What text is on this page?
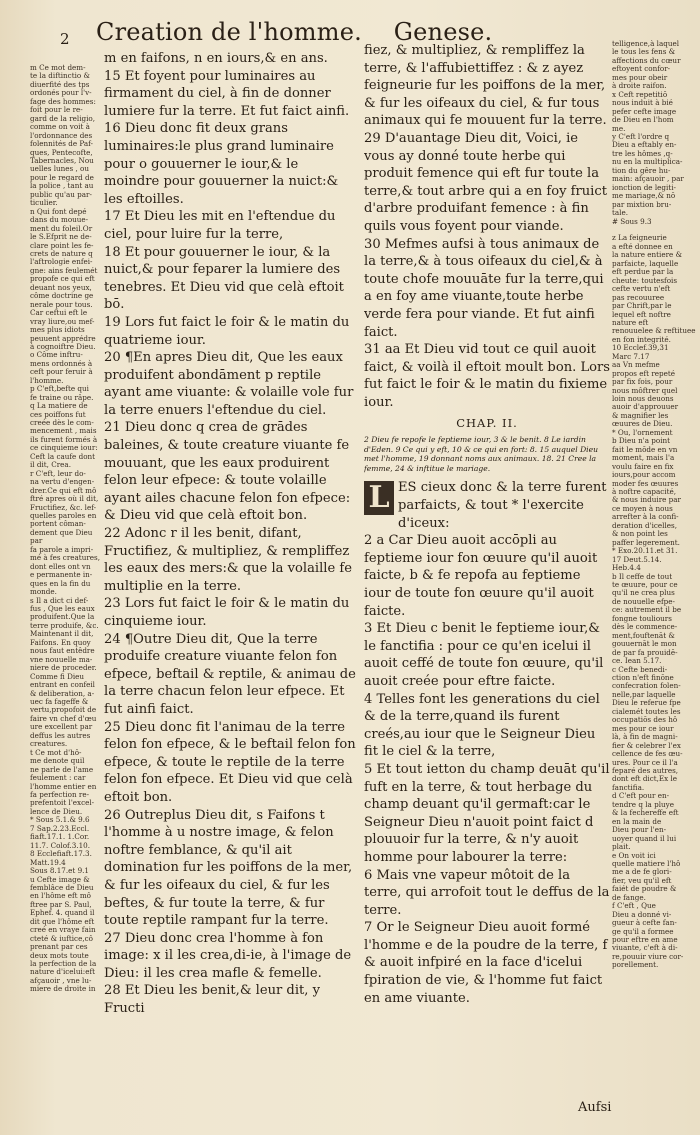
2 Creation de l'homme. Genese.
m Ce mot dem-
te la diftinctio &
diuerfité des tps
ordonés pour l'v-
fage des hommes:
foit pour le re-
gard de la religio,
comme on voit à
l'ordonnance des
folennités de Paf-
ques, Pentecofte,
Tabernacles, Nou
uelles lunes , ou
pour le regard de
la police , tant au
public qu'au par-
ticulier.
n Qui font depé
dans du mouue-
ment du foleil.Or
le S.Efprit ne de-
clare point les fe-
crets de nature q
l'aftrologie enfei-
gne: ains feulemét
propofe ce qui eft
deuant nos yeux,
côme doctrine ge
nerale pour tous.
Car ceftui eft le
vray liure,ou mef-
mes plus idiots
peuuent apprédre
à cognoiftre Dieu.
o Côme inftru-
mens ordonnés à
ceft pour feruir à
l'homme.
p C'eft,befte qui
fe traine ou râpe.
q La matiere de
ces poiffons fut
creée dès le com-
mencement , mais
ils furent formés à
ce cinquieme iour:
Ceft la caufe dont
il dit, Crea.
r C'eft, leur do-
na vertu d'engen-
drer.Ce qui eft mô
ftré apres où il dit,
Fructifiez, &c. lef-
quelles paroles en
portent côman-
dement que Dieu par
fa parole a impri-
mé à fes creatures,
dont elles ont vn
e permanente in-
ques en la fin du
monde.
s Il a dict ci def-
fus , Que les eaux
produifent.Que la
terre produife, &c.
Maintenant il dit,
Faifons. En quoy
nous faut entêdre
vne nouuelle ma-
niere de proceder.
Comme fi Dieu
entrant en confeil
& deliberation, a-
uec fa fageffe &
vertu,propofoit de
faire vn chef d'œu
ure excellent par
deffus les autres
creatures.
t Ce mot d'hô-
me denote quil
ne parle de l'ame
feulement : car
l'homme entier en
fa perfection re-
prefentoit l'excel-
lence de Dieu.
* Sous 5.1.& 9.6
7 Sap.2.23.Eccl.
fiaft.17.1. 1.Cor.
11.7. Colof.3.10.
8 Ecclefiaft.17.3.
Matt.19.4
Sous 8.17.et 9.1
u Cefte image &
femblâce de Dieu
en l'hôme eft mô
ftree par S. Paul,
Ephef. 4. quand il
dit que l'hôme eft
creé en vraye fain
cteté & iuftice,cô
prenant par ces
deux mots toute
la perfection de la
nature d'icelui:eft
afçauoir , vne lu-
miere de droite in

m en faifons, n en iours,& en ans.

15 Et foyent pour luminaires au firmament du ciel, à fin de donner lumiere fur la terre. Et fut faict ainfi.

16 Dieu donc fit deux grans luminaires:le plus grand luminaire pour o gouuerner le iour,& le moindre pour gouuerner la nuict:& les eftoilles.

17 Et Dieu les mit en l'eftendue du ciel, pour luire fur la terre,

18 Et pour gouuerner le iour, & la nuict,& pour feparer la lumiere des tenebres. Et Dieu vid que celà eftoit bō.

19 Lors fut faict le foir & le matin du quatrieme iour.

20 ¶En apres Dieu dit, Que les eaux produifent abondāment p reptile ayant ame viuante: & volaille vole fur la terre enuers l'eftendue du ciel.

21 Dieu donc q crea de grādes baleines, & toute creature viuante fe mouuant, que les eaux produirent felon leur efpece: & toute volaille ayant ailes chacune felon fon efpece: & Dieu vid que celà eftoit bon.

22 Adonc r il les benit, difant, Fructifiez, & multipliez, & rempliffez les eaux des mers:& que la volaille fe multiplie en la terre.

23 Lors fut faict le foir & le matin du cinquieme iour.

24 ¶Outre Dieu dit, Que la terre produife creature viuante felon fon efpece, beftail & reptile, & animau de la terre chacun felon leur efpece. Et fut ainfi faict.

25 Dieu donc fit l'animau de la terre felon fon efpece, & le beftail felon fon efpece, & toute le reptile de la terre felon fon efpece. Et Dieu vid que celà eftoit bon.

26 Outreplus Dieu dit, s Faifons t l'homme à u nostre image, & felon noftre femblance, & qu'il ait domination fur les poiffons de la mer, & fur les oifeaux du ciel, & fur les beftes, & fur toute la terre, & fur toute reptile rampant fur la terre.

27 Dieu donc crea l'homme à fon image: x il les crea,di-ie, à l'image de Dieu: il les crea mafle & femelle.

28 Et Dieu les benit,& leur dit, y Fructi

fiez, & multipliez, & rempliffez la terre, & l'affubiettiffez : & z ayez feigneurie fur les poiffons de la mer, & fur les oifeaux du ciel, & fur tous animaux qui fe mouuent fur la terre.

29 D'auantage Dieu dit, Voici, ie vous ay donné toute herbe qui produit femence qui eft fur toute la terre,& tout arbre qui a en foy fruict d'arbre produifant femence : à fin quils vous foyent pour viande.

30 Mefmes aufsi à tous animaux de la terre,& à tous oifeaux du ciel,& à toute chofe mouuāte fur la terre,qui a en foy ame viuante,toute herbe verde fera pour viande. Et fut ainfi faict.

31 aa Et Dieu vid tout ce quil auoit faict, & voilà il eftoit moult bon. Lors fut faict le foir & le matin du fixieme iour.

CHAP. II.
2 Dieu fe repofe le feptieme iour, 3 & le benit. 8 Le iardin d'Eden. 9 Ce qui y eft, 10 & ce qui en fort: 8. 15 auquel Dieu met l'homme, 19 donnant noms aux animaux. 18. 21 Cree la femme, 24 & inftitue le mariage.

L ES cieux donc & la terre furent parfaicts, & tout * l'exercite d'iceux:

2 a Car Dieu auoit accōpli au feptieme iour fon œuure qu'il auoit faicte, b & fe repofa au feptieme iour de toute fon œuure qu'il auoit faicte.

3 Et Dieu c benit le feptieme iour,& le fanctifia : pour ce qu'en icelui il auoit ceffé de toute fon œuure, qu'il auoit creée pour eftre faicte.

4 Telles font les generations du ciel & de la terre,quand ils furent creés,au iour que le Seigneur Dieu fit le ciel & la terre,

5 Et tout ietton du champ deuāt qu'il fuft en la terre, & tout herbage du champ deuant qu'il germaft:car le Seigneur Dieu n'auoit point faict d plouuoir fur la terre, & n'y auoit homme pour labourer la terre:

6 Mais vne vapeur môtoit de la terre, qui arrofoit tout le deffus de la terre.

7 Or le Seigneur Dieu auoit formé l'homme e de la poudre de la terre, f & auoit infpiré en la face d'icelui fpiration de vie, & l'homme fut faict en ame viuante.

telligence,à laquel
le tous les fens &
affections du cœur
eftoyent confor-
mes pour obeir
à droite raifon.
x Ceft repetitiō
nous induit à bié
pefer cefte image
de Dieu en l'hom
me.
y C'eft l'ordre q
Dieu a eftably en-
tre les hômes ,q-
nu en la multiplica-
tion du gêre hu-
main: afçauoir , par
ionction de legiti-
me mariage,& nō
par mixtion bru-
tale.
# Sous 9.3

z La feigneurie
a efté donnee en
la nature entiere &
parfaicte, laquelle
eft perdue par la
cheute: toutesfois
cefte vertu n'eft
pas recouuree
par Chrift,par le
lequel eft noftre
nature eft
renouuelee & reftituee
en fon integrité.
10 Ecclef.39,31
Marc 7.17
aa Vn mefme
propos eft repeté
par fix fois, pour
nous môftrer quel
loin nous deuons
auoir d'approuuer
& magnifier les
œuures de Dieu.
* Ou, l'ornement
b Dieu n'a point
fait le mōde en vn
moment, mais l'a
voulu faire en fix
iours,pour accom
moder fes œuures
à noftre capacité,
& nous induire par
ce moyen à nous
arrefter à la confi-
deration d'icelles,
& non point les
paffer legerement.
* Exo.20.11.et 31.
17 Deut.5.14.
Heb.4.4
b Il ceffe de tout
te œuure, pour ce
qu'il ne crea plus
de nouuelle efpe-
ce: autrement il be
fongne touliours
dès le commence-
ment,fouftenāt &
gouuernāt le mon
de par fa prouidē-
ce. Iean 5.17.
c Cefte benedi-
ction n'eft finōne
confecration folen-
nelle,par laquelle
Dieu le referue fpe
cialemét toutes les
occupatiōs des hô
mes pour ce iour
là, à fin de magni-
fier & celebrer l'ex
cellence de fes œu-
ures. Pour ce il l'a
feparé des autres,
dont eft dict,Ex le
fanctifia.
d C'eft pour en-
tendre q la pluye
& la fechereffe eft
en la main de
Dieu pour l'en-
uoyer quand il lui
plait.
e On voit ici
quelle matiere l'hô
me a de fe glori-
fier, veu qu'il eft
faiét de poudre &
de fange.
f C'eft , Que
Dieu a donné vi-
gueur à cefte fan-
ge qu'il a formee
pour eftre en ame
viuante, c'eft à di-
re,pouuir viure cor-
porellement.
Aufsi
